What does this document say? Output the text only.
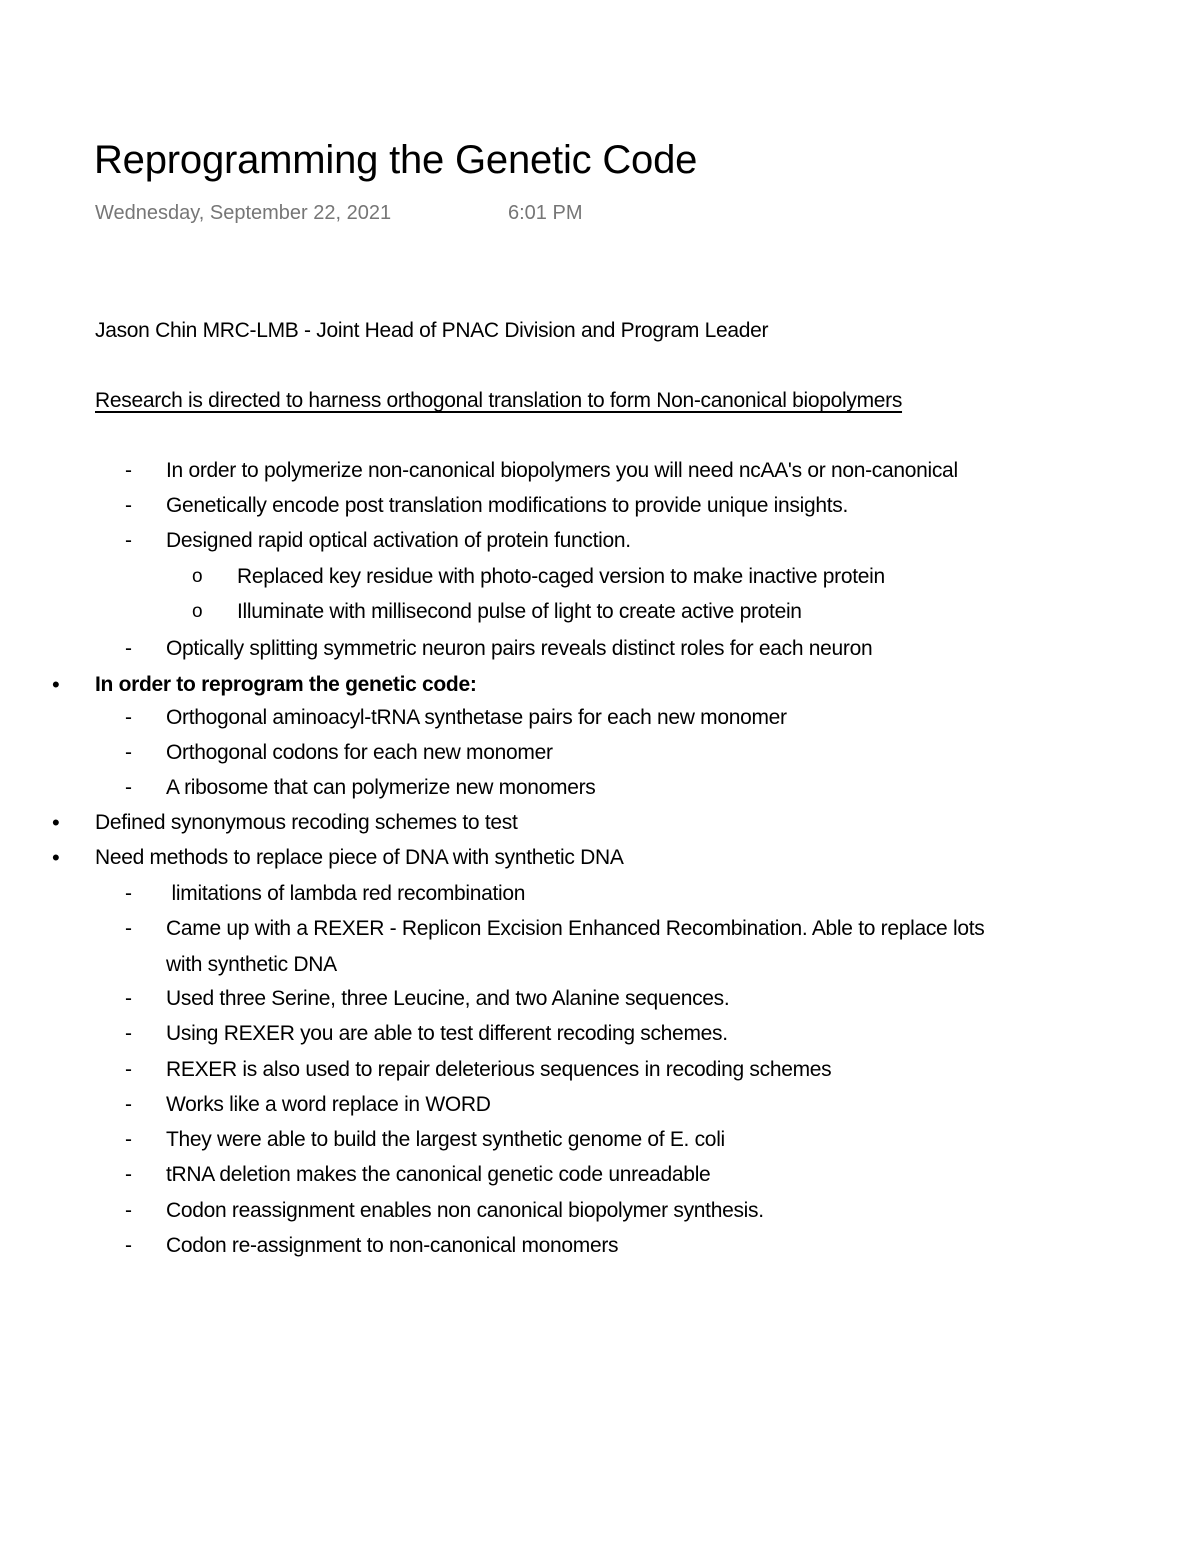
Reprogramming the Genetic Code
Wednesday, September 22, 2021	6:01 PM
Jason Chin MRC-LMB - Joint Head of PNAC Division and Program Leader
Research is directed to harness orthogonal translation to form Non-canonical biopolymers
- In order to polymerize non-canonical biopolymers you will need ncAA's or non-canonical
- Genetically encode post translation modifications to provide unique insights.
- Designed rapid optical activation of protein function.
o Replaced key residue with photo-caged version to make inactive protein
o Illuminate with millisecond pulse of light to create active protein
- Optically splitting symmetric neuron pairs reveals distinct roles for each neuron
• In order to reprogram the genetic code:
- Orthogonal aminoacyl-tRNA synthetase pairs for each new monomer
- Orthogonal codons for each new monomer
- A ribosome that can polymerize new monomers
• Defined synonymous recoding schemes to test
• Need methods to replace piece of DNA with synthetic DNA
- limitations of lambda red recombination
- Came up with a REXER - Replicon Excision Enhanced Recombination. Able to replace lots
with synthetic DNA
- Used three Serine, three Leucine, and two Alanine sequences.
- Using REXER you are able to test different recoding schemes.
- REXER is also used to repair deleterious sequences in recoding schemes
- Works like a word replace in WORD
- They were able to build the largest synthetic genome of E. coli
- tRNA deletion makes the canonical genetic code unreadable
- Codon reassignment enables non canonical biopolymer synthesis.
- Codon re-assignment to non-canonical monomers
